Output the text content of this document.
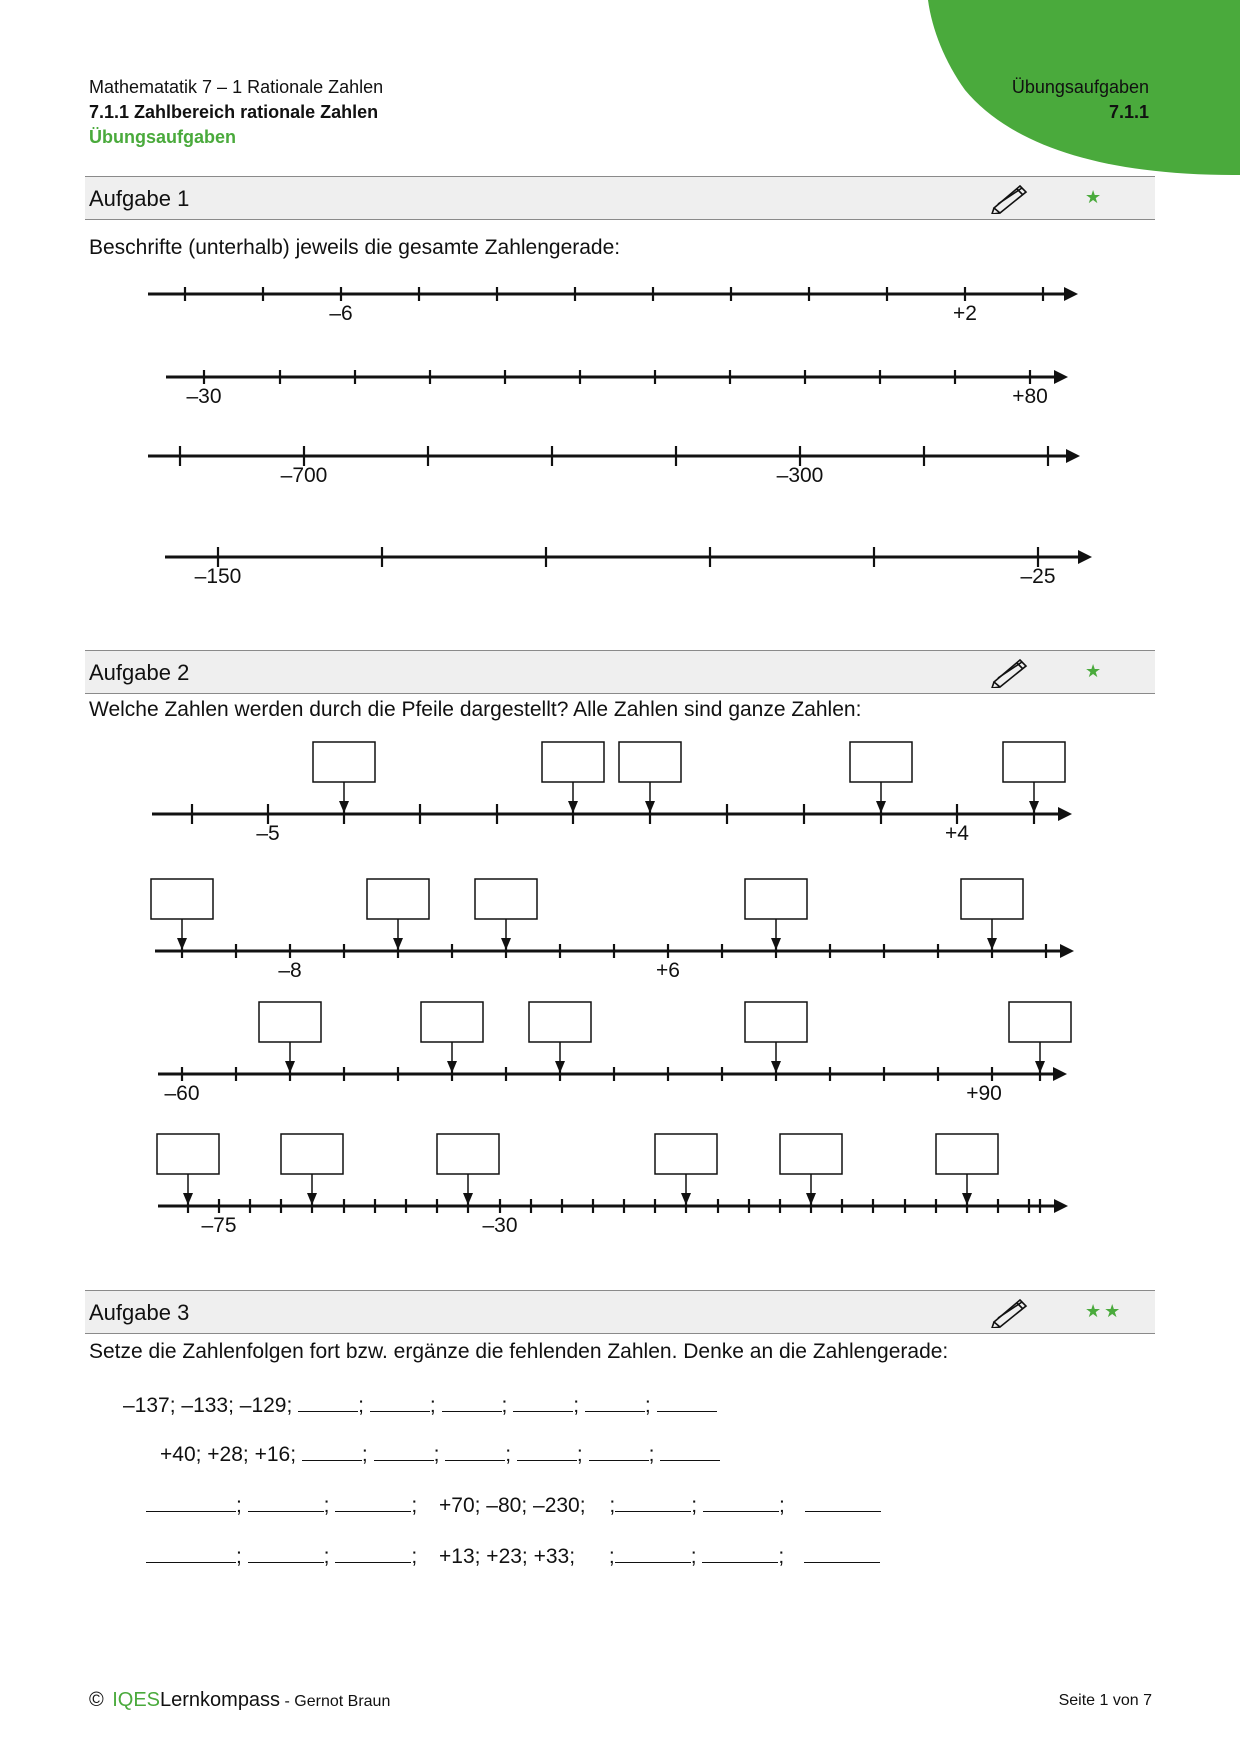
Mathematatik 7 – 1 Rationale Zahlen
7.1.1 Zahlbereich rationale Zahlen
Übungsaufgaben
Übungsaufgaben
7.1.1
Aufgabe 1	★
Beschrifte (unterhalb) jeweils die gesamte Zahlengerade:
Aufgabe 2	★
Welche Zahlen werden durch die Pfeile dargestellt? Alle Zahlen sind ganze Zahlen:
Aufgabe 3	★★
Setze die Zahlenfolgen fort bzw. ergänze die fehlenden Zahlen. Denke an die Zahlengerade:
–6	+2
–30	+80
–700	–300
–150	–25
–5	+4
–8	+6
–60	+90
–75	–30
–137; –133; –129;	;	;	;	;	;
+40; +28; +16;	;	;	;	;	;
;	;	; +70; –80; –230; ;	;	;
;	;	; +13; +23; +33; ;	;	;
© IQESLernkompass - Gernot Braun	Seite 1 von 7
